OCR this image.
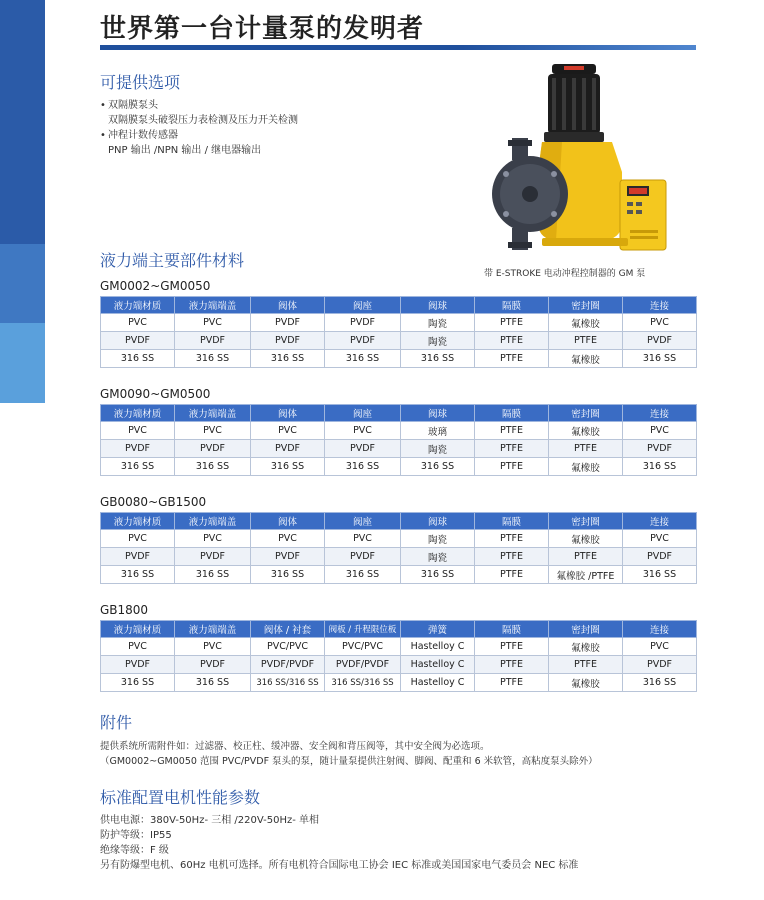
世界第一台计量泵的发明者
可提供选项
• 双隔膜泵头
双隔膜泵头破裂压力表检测及压力开关检测
• 冲程计数传感器
PNP 输出 /NPN 输出 / 继电器输出
带 E-STROKE 电动冲程控制器的 GM 泵
液力端主要部件材料
GM0002~GM0050
液力端材质	液力端端盖	阀体	阀座	阀球	隔膜	密封圈	连接
PVC	PVC	PVDF	PVDF	陶瓷	PTFE	氟橡胶	PVC
PVDF	PVDF	PVDF	PVDF	陶瓷	PTFE	PTFE	PVDF
316 SS	316 SS	316 SS	316 SS	316 SS	PTFE	氟橡胶	316 SS
GM0090~GM0500
液力端材质	液力端端盖	阀体	阀座	阀球	隔膜	密封圈	连接
PVC	PVC	PVC	PVC	玻璃	PTFE	氟橡胶	PVC
PVDF	PVDF	PVDF	PVDF	陶瓷	PTFE	PTFE	PVDF
316 SS	316 SS	316 SS	316 SS	316 SS	PTFE	氟橡胶	316 SS
GB0080~GB1500
液力端材质	液力端端盖	阀体	阀座	阀球	隔膜	密封圈	连接
PVC	PVC	PVC	PVC	陶瓷	PTFE	氟橡胶	PVC
PVDF	PVDF	PVDF	PVDF	陶瓷	PTFE	PTFE	PVDF
316 SS	316 SS	316 SS	316 SS	316 SS	PTFE	氟橡胶 /PTFE	316 SS
GB1800
液力端材质	液力端端盖	阀体 / 衬套	阀板 / 升程限位板	弹簧	隔膜	密封圈	连接
PVC	PVC	PVC/PVC	PVC/PVC	Hastelloy C	PTFE	氟橡胶	PVC
PVDF	PVDF	PVDF/PVDF	PVDF/PVDF	Hastelloy C	PTFE	PTFE	PVDF
316 SS	316 SS	316 SS/316 SS	316 SS/316 SS	Hastelloy C	PTFE	氟橡胶	316 SS
附件
提供系统所需附件如：过滤器、校正柱、缓冲器、安全阀和背压阀等，其中安全阀为必选项。
（GM0002~GM0050 范围 PVC/PVDF 泵头的泵，随计量泵提供注射阀、脚阀、配重和 6 米软管，高粘度泵头除外）
标准配置电机性能参数
供电电源：380V-50Hz- 三相 /220V-50Hz- 单相
防护等级：IP55
绝缘等级：F 级
另有防爆型电机、60Hz 电机可选择。所有电机符合国际电工协会 IEC 标准或美国国家电气委员会 NEC 标准
